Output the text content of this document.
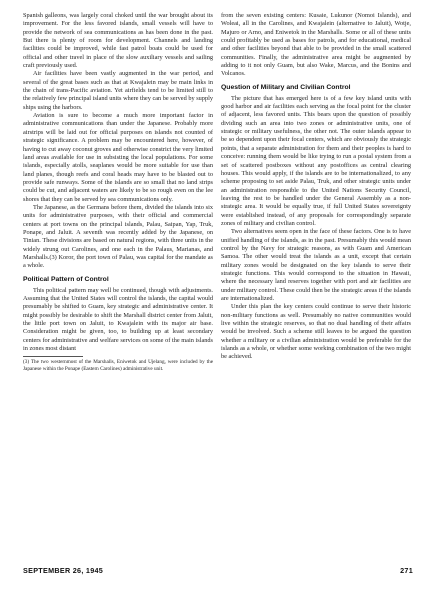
Spanish galleons, was largely coral choked until the war brought about its improvement. For the less favored islands, small vessels will have to provide the network of sea communications as has been done in the past. But there is plenty of room for development. Channels and landing facilities could be improved, while fast patrol boats could be used for official and other travel in place of the slow auxiliary vessels and sailing craft previously used.

Air facilities have been vastly augmented in the war period, and several of the great bases such as that at Kwajalein may be main links in the chain of trans-Pacific aviation. Yet airfields tend to be limited still to the relatively few principal island units where they can be served by supply ships using the harbors.

Aviation is sure to become a much more important factor in administrative communications than under the Japanese. Probably more airstrips will be laid out for official purposes on islands not counted of strategic significance. A problem may be encountered here, however, of having to cut away coconut groves and otherwise constrict the very limited land areas available for use in subsisting the local populations. For some islands, especially atolls, seaplanes would be more suitable for use than land planes, though reefs and coral heads may have to be blasted out to provide safe runways. Some of the islands are so small that no land strips could be cut, and adjacent waters are likely to be so rough even on the lee shores that they can be served by sea communications only.

The Japanese, as the Germans before them, divided the islands into six units for administrative purposes, with their official and commercial centers at port towns on the principal islands, Palau, Saipan, Yap, Truk, Ponape, and Jaluit. A seventh was recently added by the Japanese, on Tinian. These divisions are based on natural regions, with three units in the widely strung out Carolines, and one each in the Palaus, Marianas, and Marshalls.(3) Koror, the port town of Palau, was capital for the mandate as a whole.

Political Pattern of Control

This political pattern may well be continued, though with adjustments. Assuming that the United States will control the islands, the capital would presumably be shifted to Guam, key strategic and administrative center. It might possibly be desirable to shift the Marshall district center from Jaluit, the little port town on Jaluit, to Kwajalein with its major air base. Consideration might be given, too, to building up at least secondary centers for administrative and welfare services on some of the main islands in zones most distant

(3) The two westernmost of the Marshalls, Eniwetok and Ujelang, were included by the Japanese within the Ponape (Eastern Carolines) administrative unit.

from the seven existing centers: Kusaie, Lukunor (Nomoi Islands), and Woleai, all in the Carolines, and Kwajalein (alternative to Jaluit), Wotje, Majuro or Arno, and Eniwetok in the Marshalls. Some or all of these units could profitably be used as bases for patrols, and for educational, medical and other facilities beyond that able to be provided in the small scattered communities. Finally, the administrative area might be augmented by adding to it not only Guam, but also Wake, Marcus, and the Bonins and Volcanos.

Question of Military and Civilian Control

The picture that has emerged here is of a few key island units with good harbor and air facilities each serving as the focal point for the cluster of adjacent, less favored units. This bears upon the question of possibly dividing such an area into two zones or administrative units, one of strategic or military usefulness, the other not. The outer islands appear to be so dependent upon their focal centers, which are obviously the strategic points, that a separate administration for them and their peoples is hard to conceive: running them would be like trying to run a postal system from a set of scattered postboxes without any postoffices as central clearing houses. This would apply, if the islands are to be internationalized, to any scheme proposing to set aside Palau, Truk, and other strategic units under an administration responsible to the United Nations Security Council, leaving the rest to be handled under the General Assembly as a non-strategic area. It would be equally true, if full United States sovereignty were established instead, of any proposals for correspondingly separate zones of military and civilian control.

Two alternatives seem open in the face of these factors. One is to have unified handling of the islands, as in the past. Presumably this would mean control by the Navy for strategic reasons, as with Guam and American Samoa. The other would treat the islands as a unit, except that certain military zones would be designated on the key islands to serve their strategic functions. This would correspond to the situation in Hawaii, where the necessary land reserves together with port and air facilities are under military control. These could then be the strategic areas if the islands are internationalized.

Under this plan the key centers could continue to serve their historic non-military functions as well. Presumably no native communities would live within the strategic reserves, so that no dual handling of their affairs would be involved. Such a scheme still leaves to be argued the question whether a military or a civilian administration would be preferable for the islands as a whole, or whether some working combination of the two might be achieved.

SEPTEMBER 26, 1945	271
